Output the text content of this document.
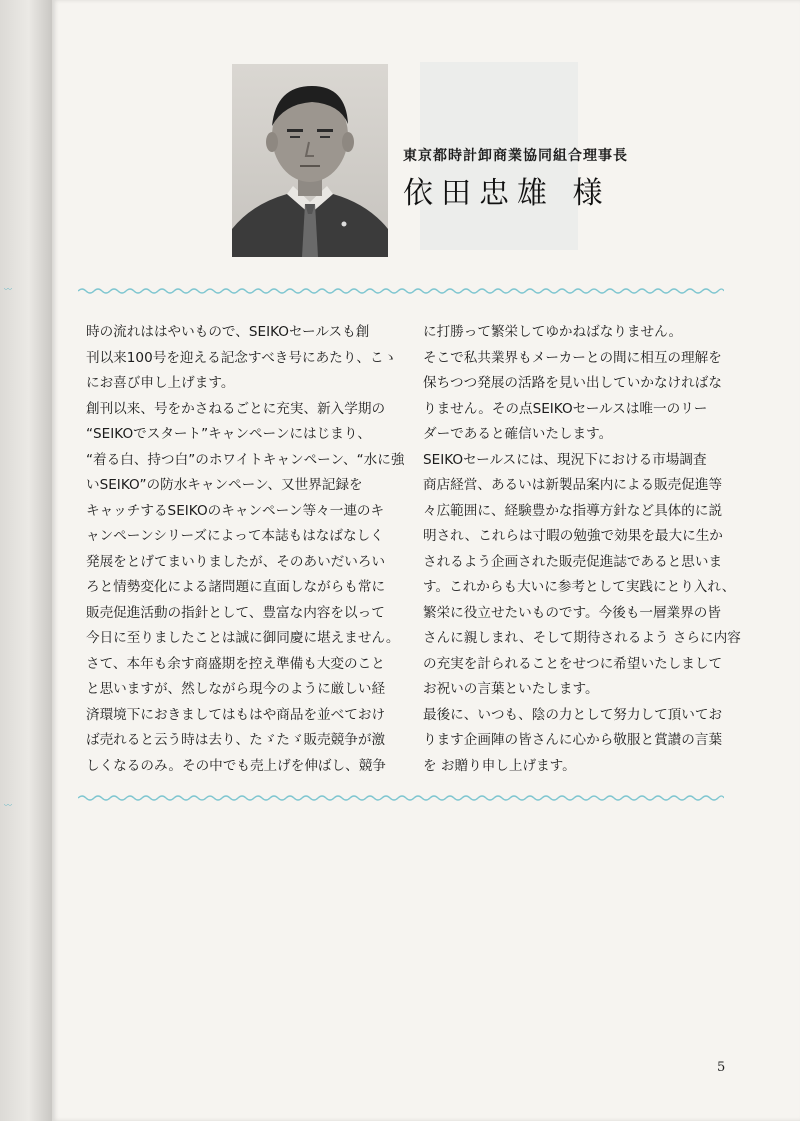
東京都時計卸商業協同組合理事長
依田忠雄 様

時の流れははやいもので、SEIKOセールスも創

刊以来100号を迎える記念すべき号にあたり、こゝ

にお喜び申し上げます。

創刊以来、号をかさねるごとに充実、新入学期の

“SEIKOでスタート”キャンペーンにはじまり、

“着る白、持つ白”のホワイトキャンペーン、“水に強

いSEIKO”の防水キャンペーン、又世界記録を

キャッチするSEIKOのキャンペーン等々一連のキ

ャンペーンシリーズによって本誌もはなばなしく

発展をとげてまいりましたが、そのあいだいろい

ろと情勢変化による諸問題に直面しながらも常に

販売促進活動の指針として、豊富な内容を以って

今日に至りましたことは誠に御同慶に堪えません。

さて、本年も余す商盛期を控え準備も大変のこと

と思いますが、然しながら現今のように厳しい経

済環境下におきましてはもはや商品を並べておけ

ば売れると云う時は去り、たゞたゞ販売競争が激

しくなるのみ。その中でも売上げを伸ばし、競争

に打勝って繁栄してゆかねばなりません。

そこで私共業界もメーカーとの間に相互の理解を

保ちつつ発展の活路を見い出していかなければな

りません。その点SEIKOセールスは唯一のリー

ダーであると確信いたします。

SEIKOセールスには、現況下における市場調査

商店経営、あるいは新製品案内による販売促進等

々広範囲に、経験豊かな指導方針など具体的に説

明され、これらは寸暇の勉強で効果を最大に生か

されるよう企画された販売促進誌であると思いま

す。これからも大いに参考として実践にとり入れ、

繁栄に役立せたいものです。今後も一層業界の皆

さんに親しまれ、そして期待されるよう さらに内容

の充実を計られることをせつに希望いたしまして

お祝いの言葉といたします。

最後に、いつも、陰の力として努力して頂いてお

ります企画陣の皆さんに心から敬服と賞讃の言葉

を お贈り申し上げます。

〰
〰
5
